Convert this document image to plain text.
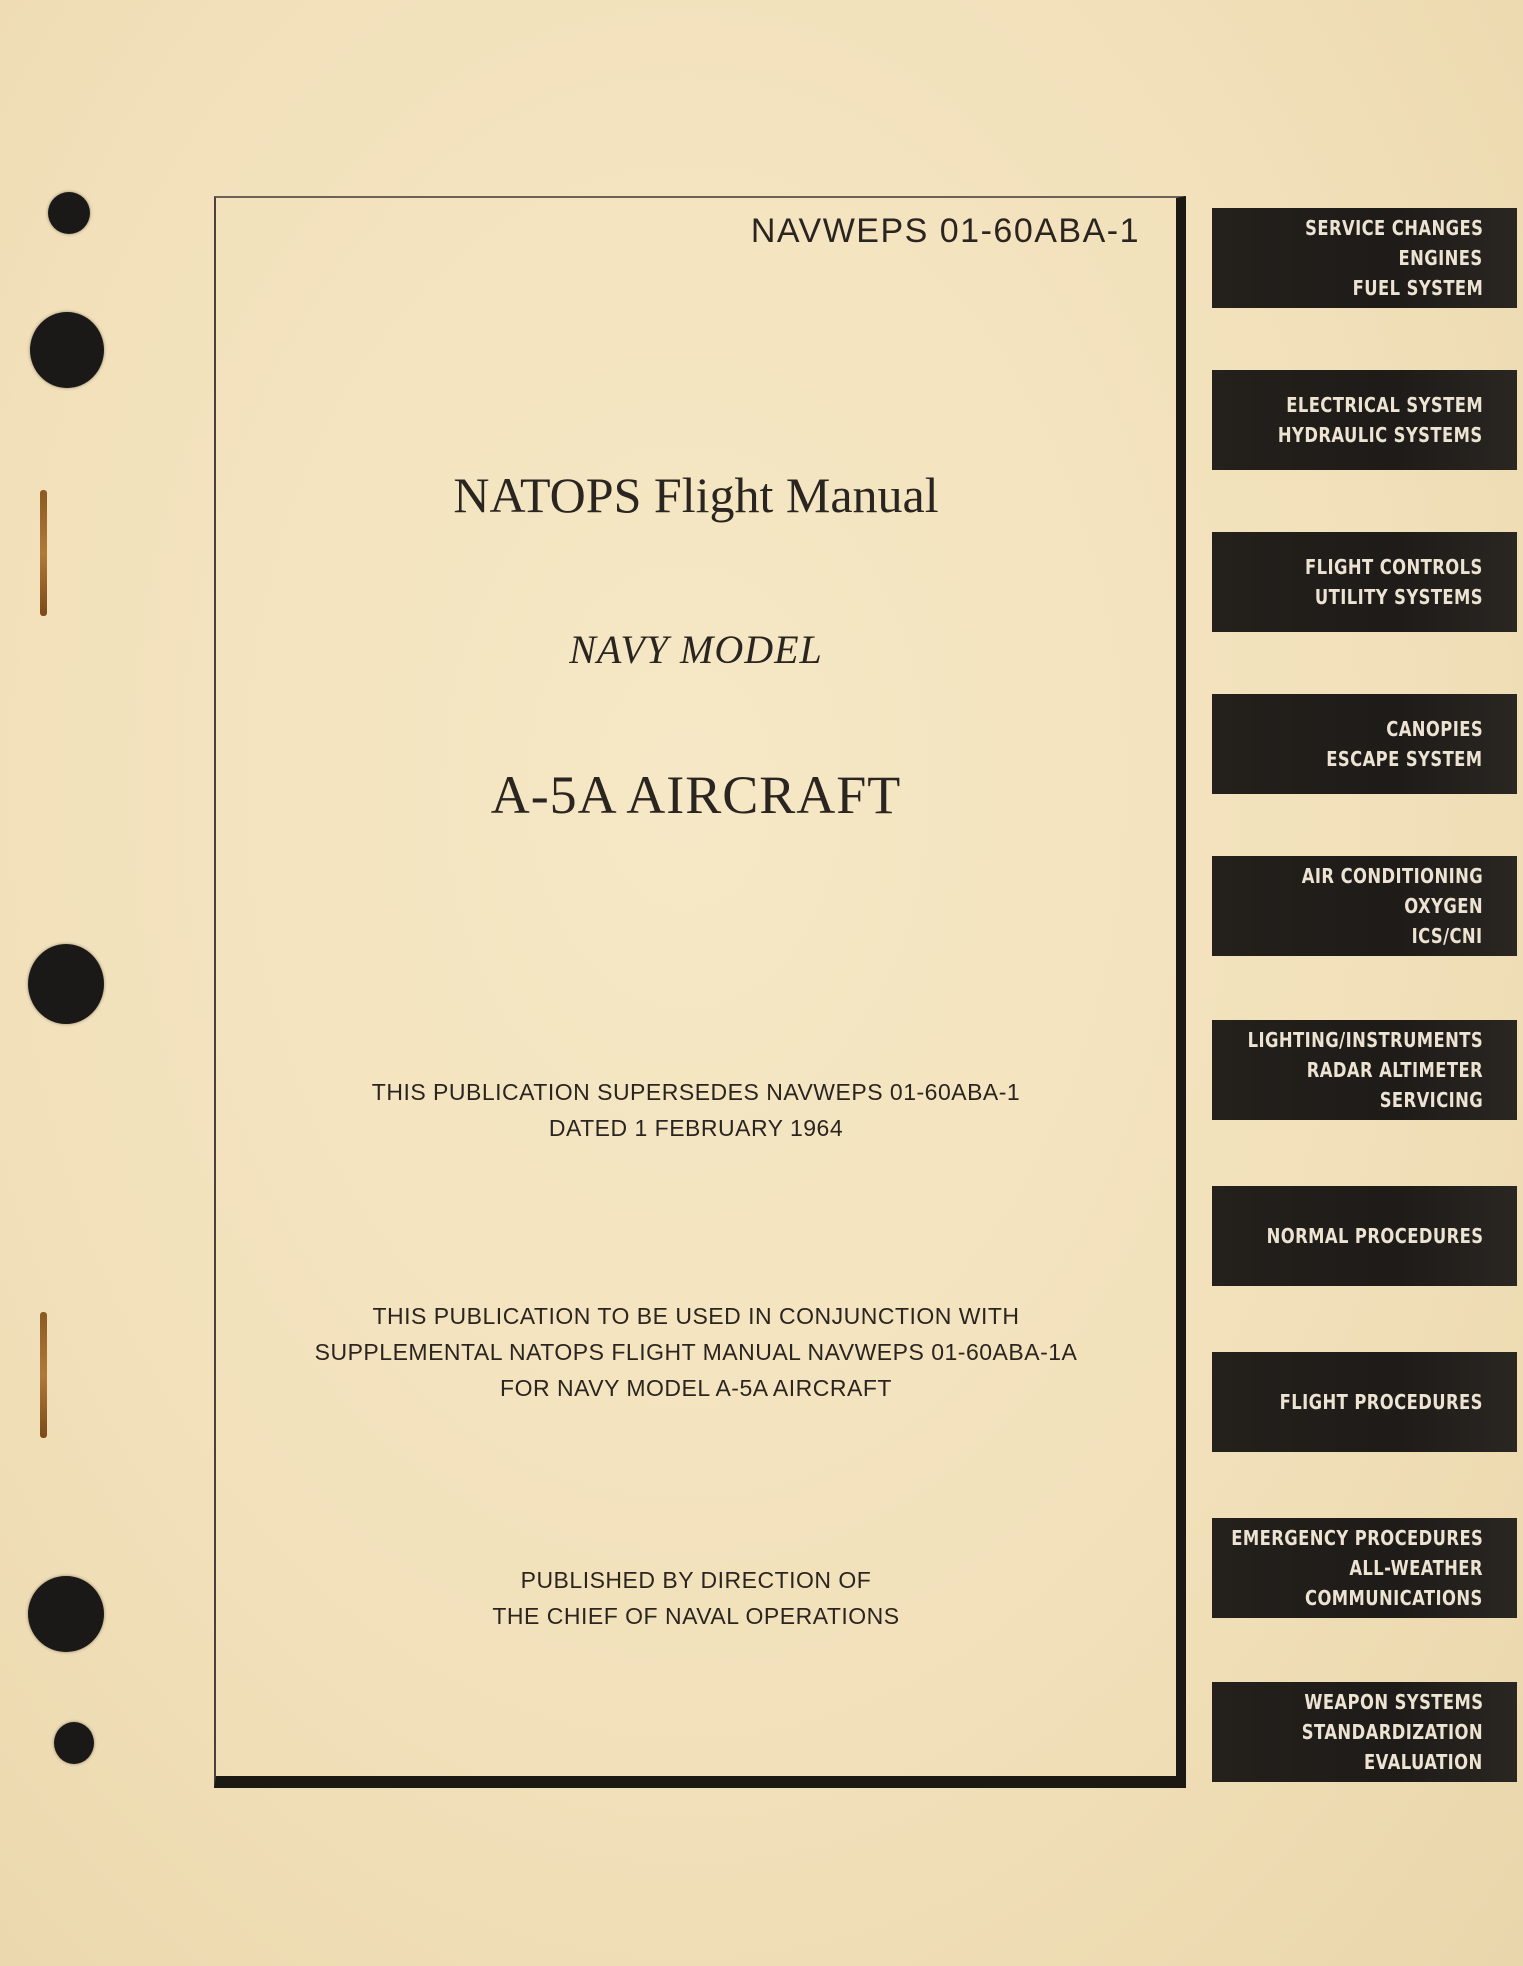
NAVWEPS 01-60ABA-1
NATOPS Flight Manual
NAVY MODEL
A-5A AIRCRAFT
THIS PUBLICATION SUPERSEDES NAVWEPS 01-60ABA-1
DATED 1 FEBRUARY 1964
THIS PUBLICATION TO BE USED IN CONJUNCTION WITH
SUPPLEMENTAL NATOPS FLIGHT MANUAL NAVWEPS 01-60ABA-1A
FOR NAVY MODEL A-5A AIRCRAFT
PUBLISHED BY DIRECTION OF
THE CHIEF OF NAVAL OPERATIONS
SERVICE CHANGES
ENGINES
FUEL SYSTEM
ELECTRICAL SYSTEM
HYDRAULIC SYSTEMS
FLIGHT CONTROLS
UTILITY SYSTEMS
CANOPIES
ESCAPE SYSTEM
AIR CONDITIONING
OXYGEN
ICS/CNI
LIGHTING/INSTRUMENTS
RADAR ALTIMETER
SERVICING
NORMAL PROCEDURES
FLIGHT PROCEDURES
EMERGENCY PROCEDURES
ALL-WEATHER
COMMUNICATIONS
WEAPON SYSTEMS
STANDARDIZATION
EVALUATION
